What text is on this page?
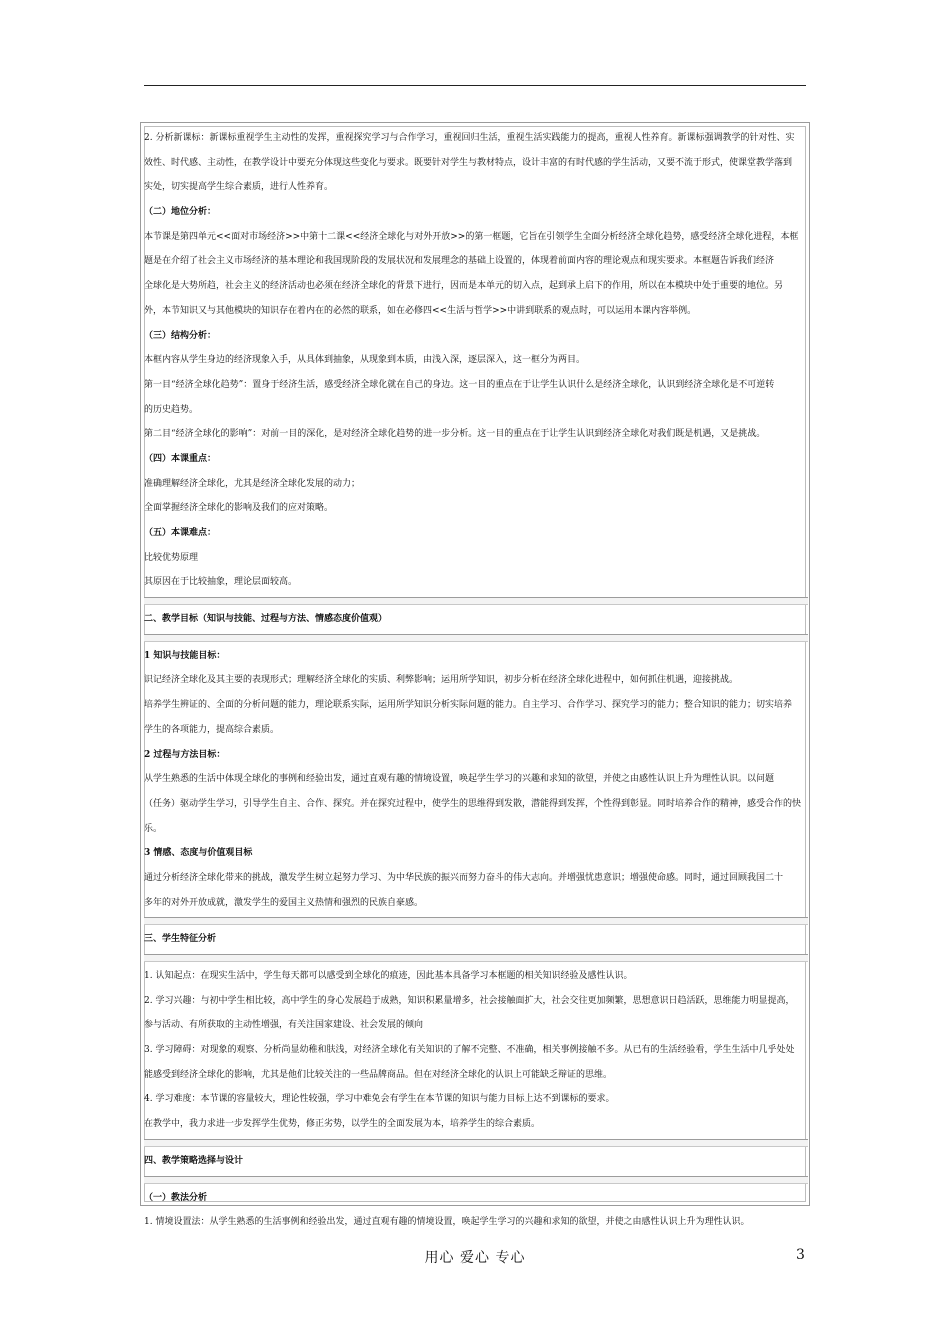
2. 分析新课标：新课标重视学生主动性的发挥，重视探究学习与合作学习，重视回归生活，重视生活实践能力的提高，重视人性养育。新课标强调教学的针对性、实
效性、时代感、主动性，在教学设计中要充分体现这些变化与要求。既要针对学生与教材特点，设计丰富的有时代感的学生活动，又要不流于形式，使课堂教学落到
实处，切实提高学生综合素质，进行人性养育。
（二）地位分析：
本节课是第四单元<<面对市场经济>>中第十二课<<经济全球化与对外开放>>的第一框题，它旨在引领学生全面分析经济全球化趋势，感受经济全球化进程，本框
题是在介绍了社会主义市场经济的基本理论和我国现阶段的发展状况和发展理念的基础上设置的，体现着前面内容的理论观点和现实要求。本框题告诉我们经济
全球化是大势所趋，社会主义的经济活动也必须在经济全球化的背景下进行，因而是本单元的切入点，起到承上启下的作用，所以在本模块中处于重要的地位。另
外，本节知识又与其他模块的知识存在着内在的必然的联系，如在必修四<<生活与哲学>>中讲到联系的观点时，可以运用本课内容举例。
（三）结构分析：
本框内容从学生身边的经济现象入手，从具体到抽象，从现象到本质，由浅入深，逐层深入，这一框分为两目。
第一目“经济全球化趋势”：置身于经济生活，感受经济全球化就在自己的身边。这一目的重点在于让学生认识什么是经济全球化，认识到经济全球化是不可逆转
的历史趋势。
第二目“经济全球化的影响”：对前一目的深化，是对经济全球化趋势的进一步分析。这一目的重点在于让学生认识到经济全球化对我们既是机遇，又是挑战。
（四）本课重点：
准确理解经济全球化，尤其是经济全球化发展的动力；
全面掌握经济全球化的影响及我们的应对策略。
（五）本课难点：
比较优势原理
其原因在于比较抽象，理论层面较高。
二、教学目标（知识与技能、过程与方法、情感态度价值观）
1 知识与技能目标：
识记经济全球化及其主要的表现形式；理解经济全球化的实质、利弊影响；运用所学知识，初步分析在经济全球化进程中，如何抓住机遇，迎接挑战。
培养学生辨证的、全面的分析问题的能力，理论联系实际，运用所学知识分析实际问题的能力。自主学习、合作学习、探究学习的能力；整合知识的能力；切实培养
学生的各项能力，提高综合素质。
2 过程与方法目标：
从学生熟悉的生活中体现全球化的事例和经验出发，通过直观有趣的情境设置，唤起学生学习的兴趣和求知的欲望，并使之由感性认识上升为理性认识。以问题
（任务）驱动学生学习，引导学生自主、合作、探究。并在探究过程中，使学生的思维得到发散，潜能得到发挥，个性得到彰显。同时培养合作的精神，感受合作的快
乐。
3 情感、态度与价值观目标
通过分析经济全球化带来的挑战，激发学生树立起努力学习、为中华民族的振兴而努力奋斗的伟大志向。并增强忧患意识；增强使命感。同时，通过回顾我国二十
多年的对外开放成就，激发学生的爱国主义热情和强烈的民族自豪感。
三、学生特征分析
1. 认知起点：在现实生活中，学生每天都可以感受到全球化的痕迹，因此基本具备学习本框题的相关知识经验及感性认识。
2. 学习兴趣：与初中学生相比较，高中学生的身心发展趋于成熟，知识积累量增多，社会接触面扩大，社会交往更加频繁，思想意识日趋活跃，思维能力明显提高，
参与活动、有所获取的主动性增强，有关注国家建设、社会发展的倾向
3. 学习障碍：对现象的观察、分析尚显幼稚和肤浅，对经济全球化有关知识的了解不完整、不准确，相关事例接触不多。从已有的生活经验看，学生生活中几乎处处
能感受到经济全球化的影响，尤其是他们比较关注的一些品牌商品。但在对经济全球化的认识上可能缺乏辩证的思维。
4. 学习难度：本节课的容量较大，理论性较强，学习中难免会有学生在本节课的知识与能力目标上达不到课标的要求。
在教学中，我力求进一步发挥学生优势，修正劣势，以学生的全面发展为本，培养学生的综合素质。
四、教学策略选择与设计
（一）教法分析
1. 情境设置法：从学生熟悉的生活事例和经验出发，通过直观有趣的情境设置，唤起学生学习的兴趣和求知的欲望，并使之由感性认识上升为理性认识。
用心 爱心 专心	3
